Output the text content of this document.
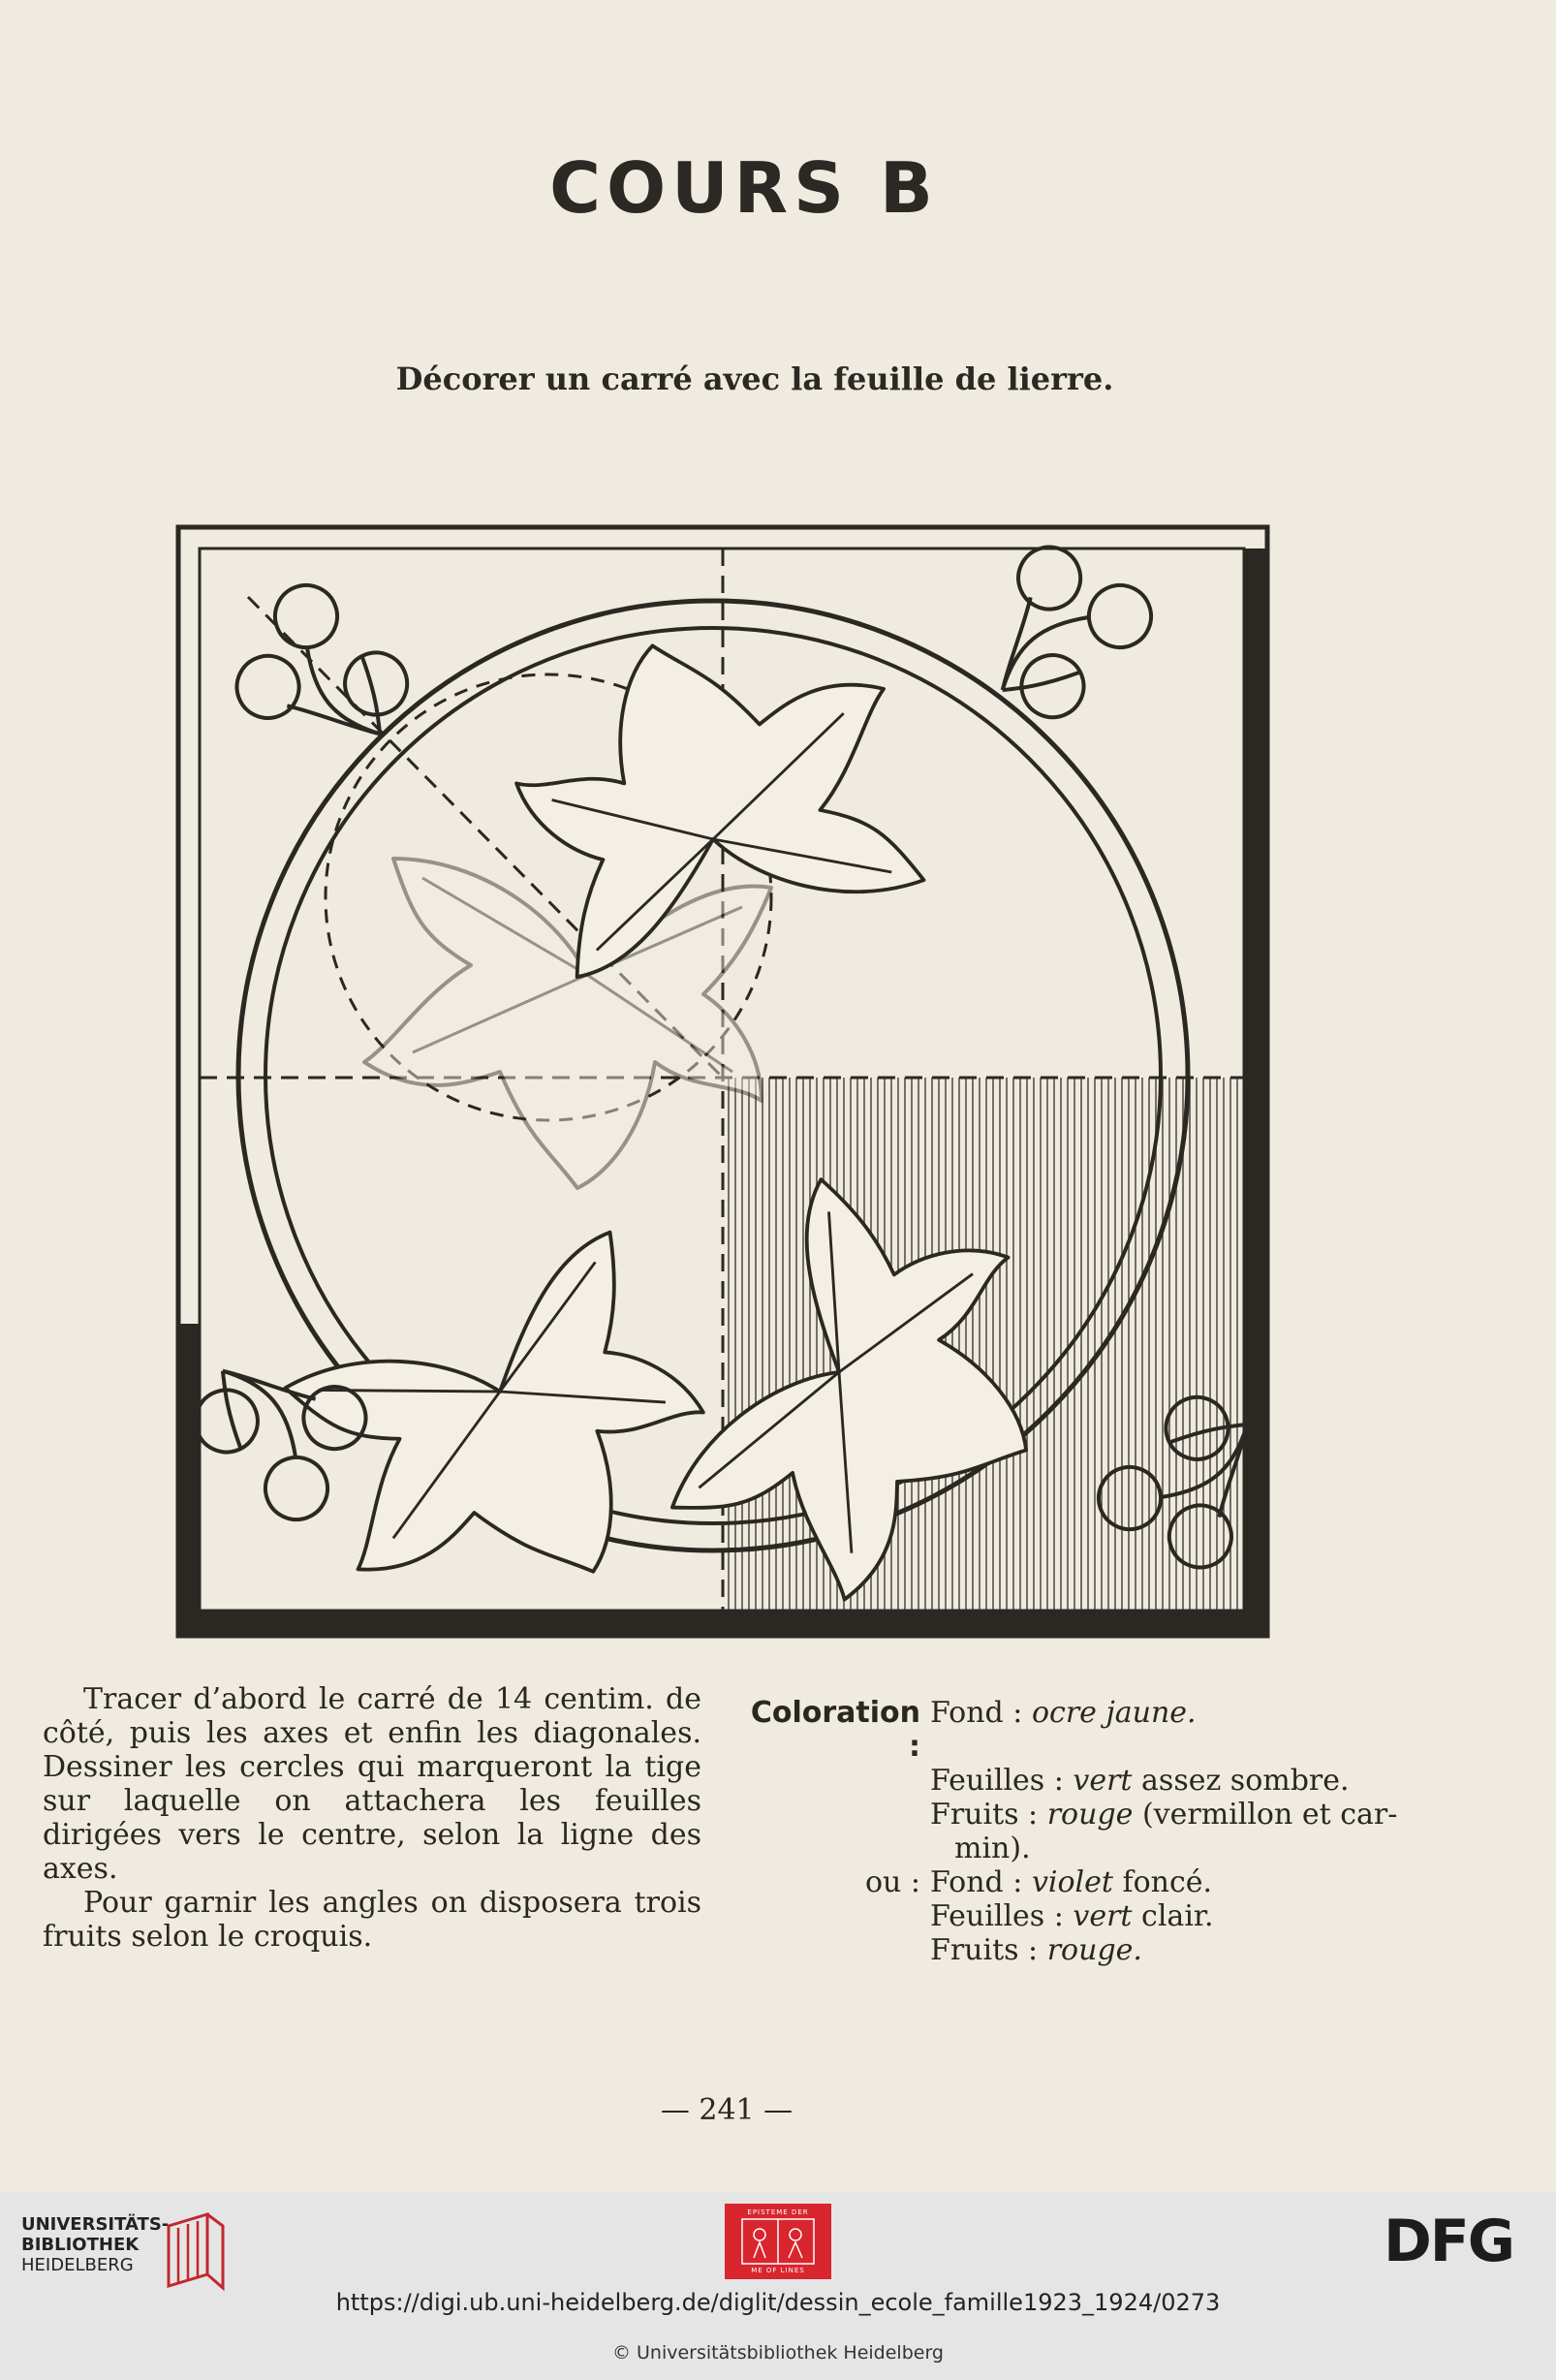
COURS B
Décorer un carré avec la feuille de lierre.

Tracer d’abord le carré de 14 centim. de côté, puis les axes et enfin les diagonales. Dessiner les cercles qui marqueront la tige sur laquelle on attachera les feuilles dirigées vers le centre, selon la ligne des axes.

Pour garnir les angles on disposera trois fruits selon le croquis.

Coloration :
Fond : ocre jaune.
Feuilles : vert assez sombre.
Fruits : rouge (vermillon et car-
min).
ou : Fond : violet foncé.
Feuilles : vert clair.
Fruits : rouge.
— 241 —
UNIVERSITÄTS-
BIBLIOTHEK
HEIDELBERG
EPISTEME DER
ME OF LINES	DFG
https://digi.ub.uni-heidelberg.de/diglit/dessin_ecole_famille1923_1924/0273
© Universitätsbibliothek Heidelberg
